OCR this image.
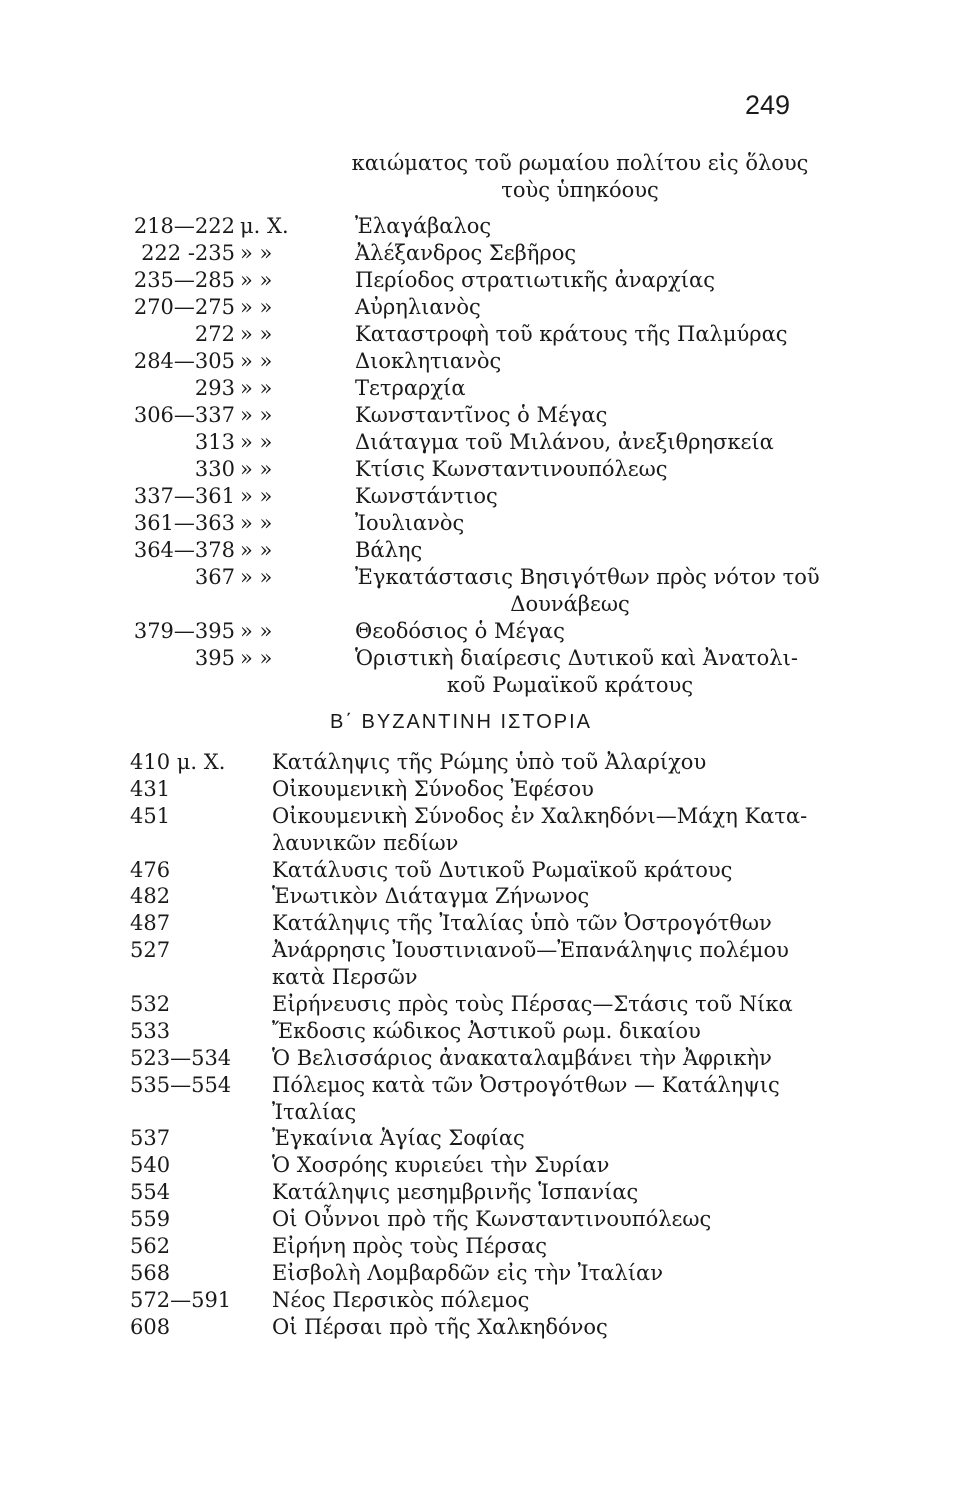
249
καιώματος τοῦ ρωμαίου πολίτου εἰς ὅλους
τοὺς ὑπηκόους
218—222 μ. Χ.	Ἐλαγάβαλος
222 -235 » »	Ἀλέξανδρος Σεβῆρος
235—285 » »	Περίοδος στρατιωτικῆς ἀναρχίας
270—275 » »	Αὐρηλιανὸς
272 » »	Καταστροφὴ τοῦ κράτους τῆς Παλμύρας
284—305 » »	Διοκλητιανὸς
293 » »	Τετραρχία
306—337 » »	Κωνσταντῖνος ὁ Μέγας
313 » »	Διάταγμα τοῦ Μιλάνου, ἀνεξιθρησκεία
330 » »	Κτίσις Κωνσταντινουπόλεως
337—361 » »	Κωνστάντιος
361—363 » »	Ἰουλιανὸς
364—378 » »	Βάλης
367 » »	Ἐγκατάστασις Βησιγότθων πρὸς νότον τοῦ
Δουνάβεως
379—395 » »	Θεοδόσιος ὁ Μέγας
395 » »	Ὁριστικὴ διαίρεσις Δυτικοῦ καὶ Ἀνατολι-
κοῦ Ρωμαϊκοῦ κράτους
Β΄ ΒΥΖΑΝΤΙΝΗ ΙΣΤΟΡΙΑ
410 μ. Χ. Κατάληψις τῆς Ρώμης ὑπὸ τοῦ Ἀλαρίχου
431	Οἰκουμενικὴ Σύνοδος Ἐφέσου
451	Οἰκουμενικὴ Σύνοδος ἐν Χαλκηδόνι—Μάχη Κατα-
λαυνικῶν πεδίων
476	Κατάλυσις τοῦ Δυτικοῦ Ρωμαϊκοῦ κράτους
482	Ἑνωτικὸν Διάταγμα Ζήνωνος
487	Κατάληψις τῆς Ἰταλίας ὑπὸ τῶν Ὀστρογότθων
527	Ἀνάρρησις Ἰουστινιανοῦ—Ἐπανάληψις πολέμου
κατὰ Περσῶν
532	Εἰρήνευσις πρὸς τοὺς Πέρσας—Στάσις τοῦ Νίκα
533	Ἔκδοσις κώδικος Ἀστικοῦ ρωμ. δικαίου
523—534 Ὁ Βελισσάριος ἀνακαταλαμβάνει τὴν Ἀφρικὴν
535—554 Πόλεμος κατὰ τῶν Ὀστρογότθων — Κατάληψις
Ἰταλίας
537	Ἐγκαίνια Ἁγίας Σοφίας
540	Ὁ Χοσρόης κυριεύει τὴν Συρίαν
554	Κατάληψις μεσημβρινῆς Ἱσπανίας
559	Οἱ Οὖννοι πρὸ τῆς Κωνσταντινουπόλεως
562	Εἰρήνη πρὸς τοὺς Πέρσας
568	Εἰσβολὴ Λομβαρδῶν εἰς τὴν Ἰταλίαν
572—591 Νέος Περσικὸς πόλεμος
608	Οἱ Πέρσαι πρὸ τῆς Χαλκηδόνος
